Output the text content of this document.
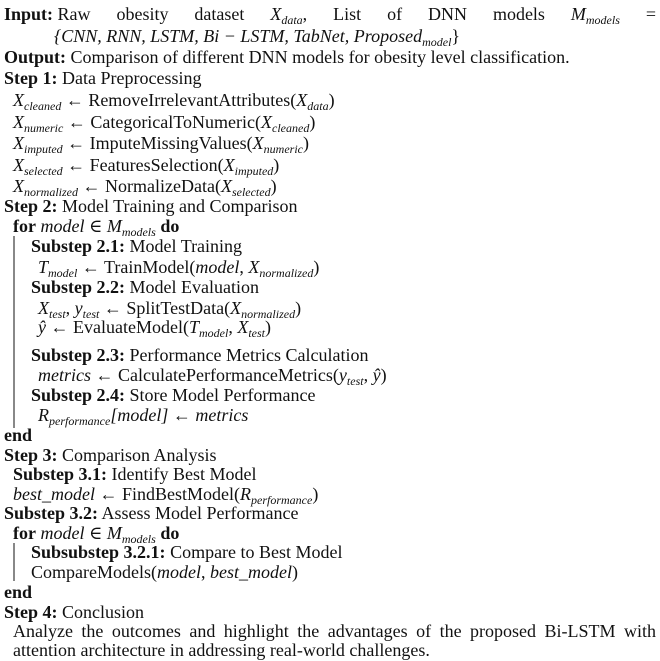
Input: Raw obesity dataset $X_{data}$, List of DNN models $M_{models}$ =
{CNN, RNN, LSTM, Bi − LSTM, TabNet, Proposed$_{model}$}
Output: Comparison of different DNN models for obesity level classification.
Step 1: Data Preprocessing
$X_{cleaned}$ ← $RemoveIrrelevantAttributes(X_{data})$
$X_{numeric}$ ← $CategoricalToNumeric(X_{cleaned})$
$X_{imputed}$ ← $ImputeMissingValues(X_{numeric})$
$X_{selected}$ ← $FeaturesSelection(X_{imputed})$
$X_{normalized}$ ← $NormalizeData(X_{selected})$
Step 2: Model Training and Comparison
for model ∈ $M_{models}$ do
Substep 2.1: Model Training
$T_{model}$ ← TrainModel(model, $X_{normalized}$)
Substep 2.2: Model Evaluation
$X_{test}$, $y_{test}$ ← $SplitTestData(X_{normalized})$
ŷ ← $EvaluateModel(T_{model}$, $X_{test}$)
Substep 2.3: Performance Metrics Calculation
metrics ← $CalculatePerformanceMetrics(y_{test}$, ŷ)
Substep 2.4: Store Model Performance
$R_{performance}[model]$ ← metrics
end
Step 3: Comparison Analysis
Substep 3.1: Identify Best Model
best_model ← $FindBestModel(R_{performance})$
Substep 3.2: Assess Model Performance
for model ∈ $M_{models}$ do
Subsubstep 3.2.1: Compare to Best Model
CompareModels(model, best_model)
end
Step 4: Conclusion
Analyze the outcomes and highlight the advantages of the proposed Bi-LSTM with
attention architecture in addressing real-world challenges.
